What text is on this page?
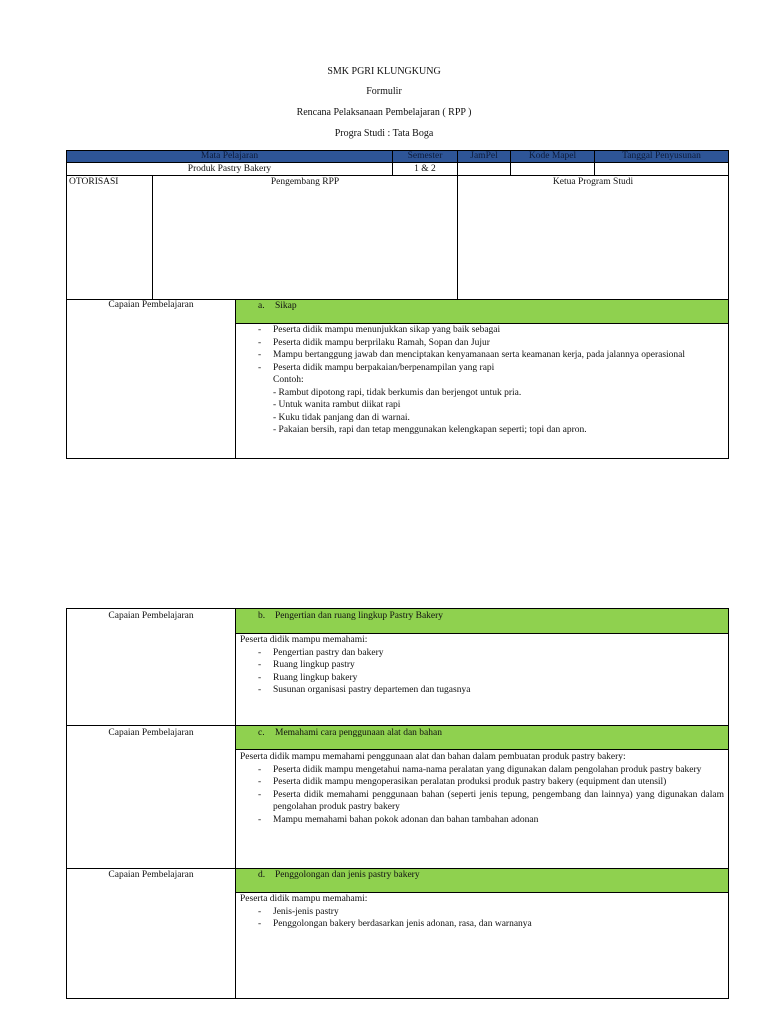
SMK PGRI KLUNGKUNG
Formulir
Rencana Pelaksanaan Pembelajaran ( RPP )
Progra Studi : Tata Boga
Mata Pelajaran	Semester	JamPel	Kode Mapel	Tanggal Penyusunan
Produk Pastry Bakery	1 & 2
OTORISASI	Pengembang RPP	Ketua Program Studi
Capaian Pembelajaran	a. Sikap
- Peserta didik mampu menunjukkan sikap yang baik sebagai
- Peserta didik mampu berprilaku Ramah, Sopan dan Jujur
- Mampu bertanggung jawab dan menciptakan kenyamanaan serta keamanan kerja, pada jalannya operasional
- Peserta didik mampu berpakaian/berpenampilan yang rapi
Contoh:
- Rambut dipotong rapi, tidak berkumis dan berjengot untuk pria.
- Untuk wanita rambut diikat rapi
- Kuku tidak panjang dan di warnai.
- Pakaian bersih, rapi dan tetap menggunakan kelengkapan seperti; topi dan apron.
Capaian Pembelajaran	b. Pengertian dan ruang lingkup Pastry Bakery
Peserta didik mampu memahami:
- Pengertian pastry dan bakery
- Ruang lingkup pastry
- Ruang lingkup bakery
- Susunan organisasi pastry departemen dan tugasnya
Capaian Pembelajaran	c. Memahami cara penggunaan alat dan bahan
Peserta didik mampu memahami penggunaan alat dan bahan dalam pembuatan produk pastry bakery:
- Peserta didik mampu mengetahui nama-nama peralatan yang digunakan dalam pengolahan produk pastry bakery
- Peserta didik mampu mengoperasikan peralatan produksi produk pastry bakery (equipment dan utensil)
- Peserta didik memahami penggunaan bahan (seperti jenis tepung, pengembang dan lainnya) yang digunakan dalam pengolahan produk pastry bakery
- Mampu memahami bahan pokok adonan dan bahan tambahan adonan
Capaian Pembelajaran	d. Penggolongan dan jenis pastry bakery
Peserta didik mampu memahami:
- Jenis-jenis pastry
- Penggolongan bakery berdasarkan jenis adonan, rasa, dan warnanya
